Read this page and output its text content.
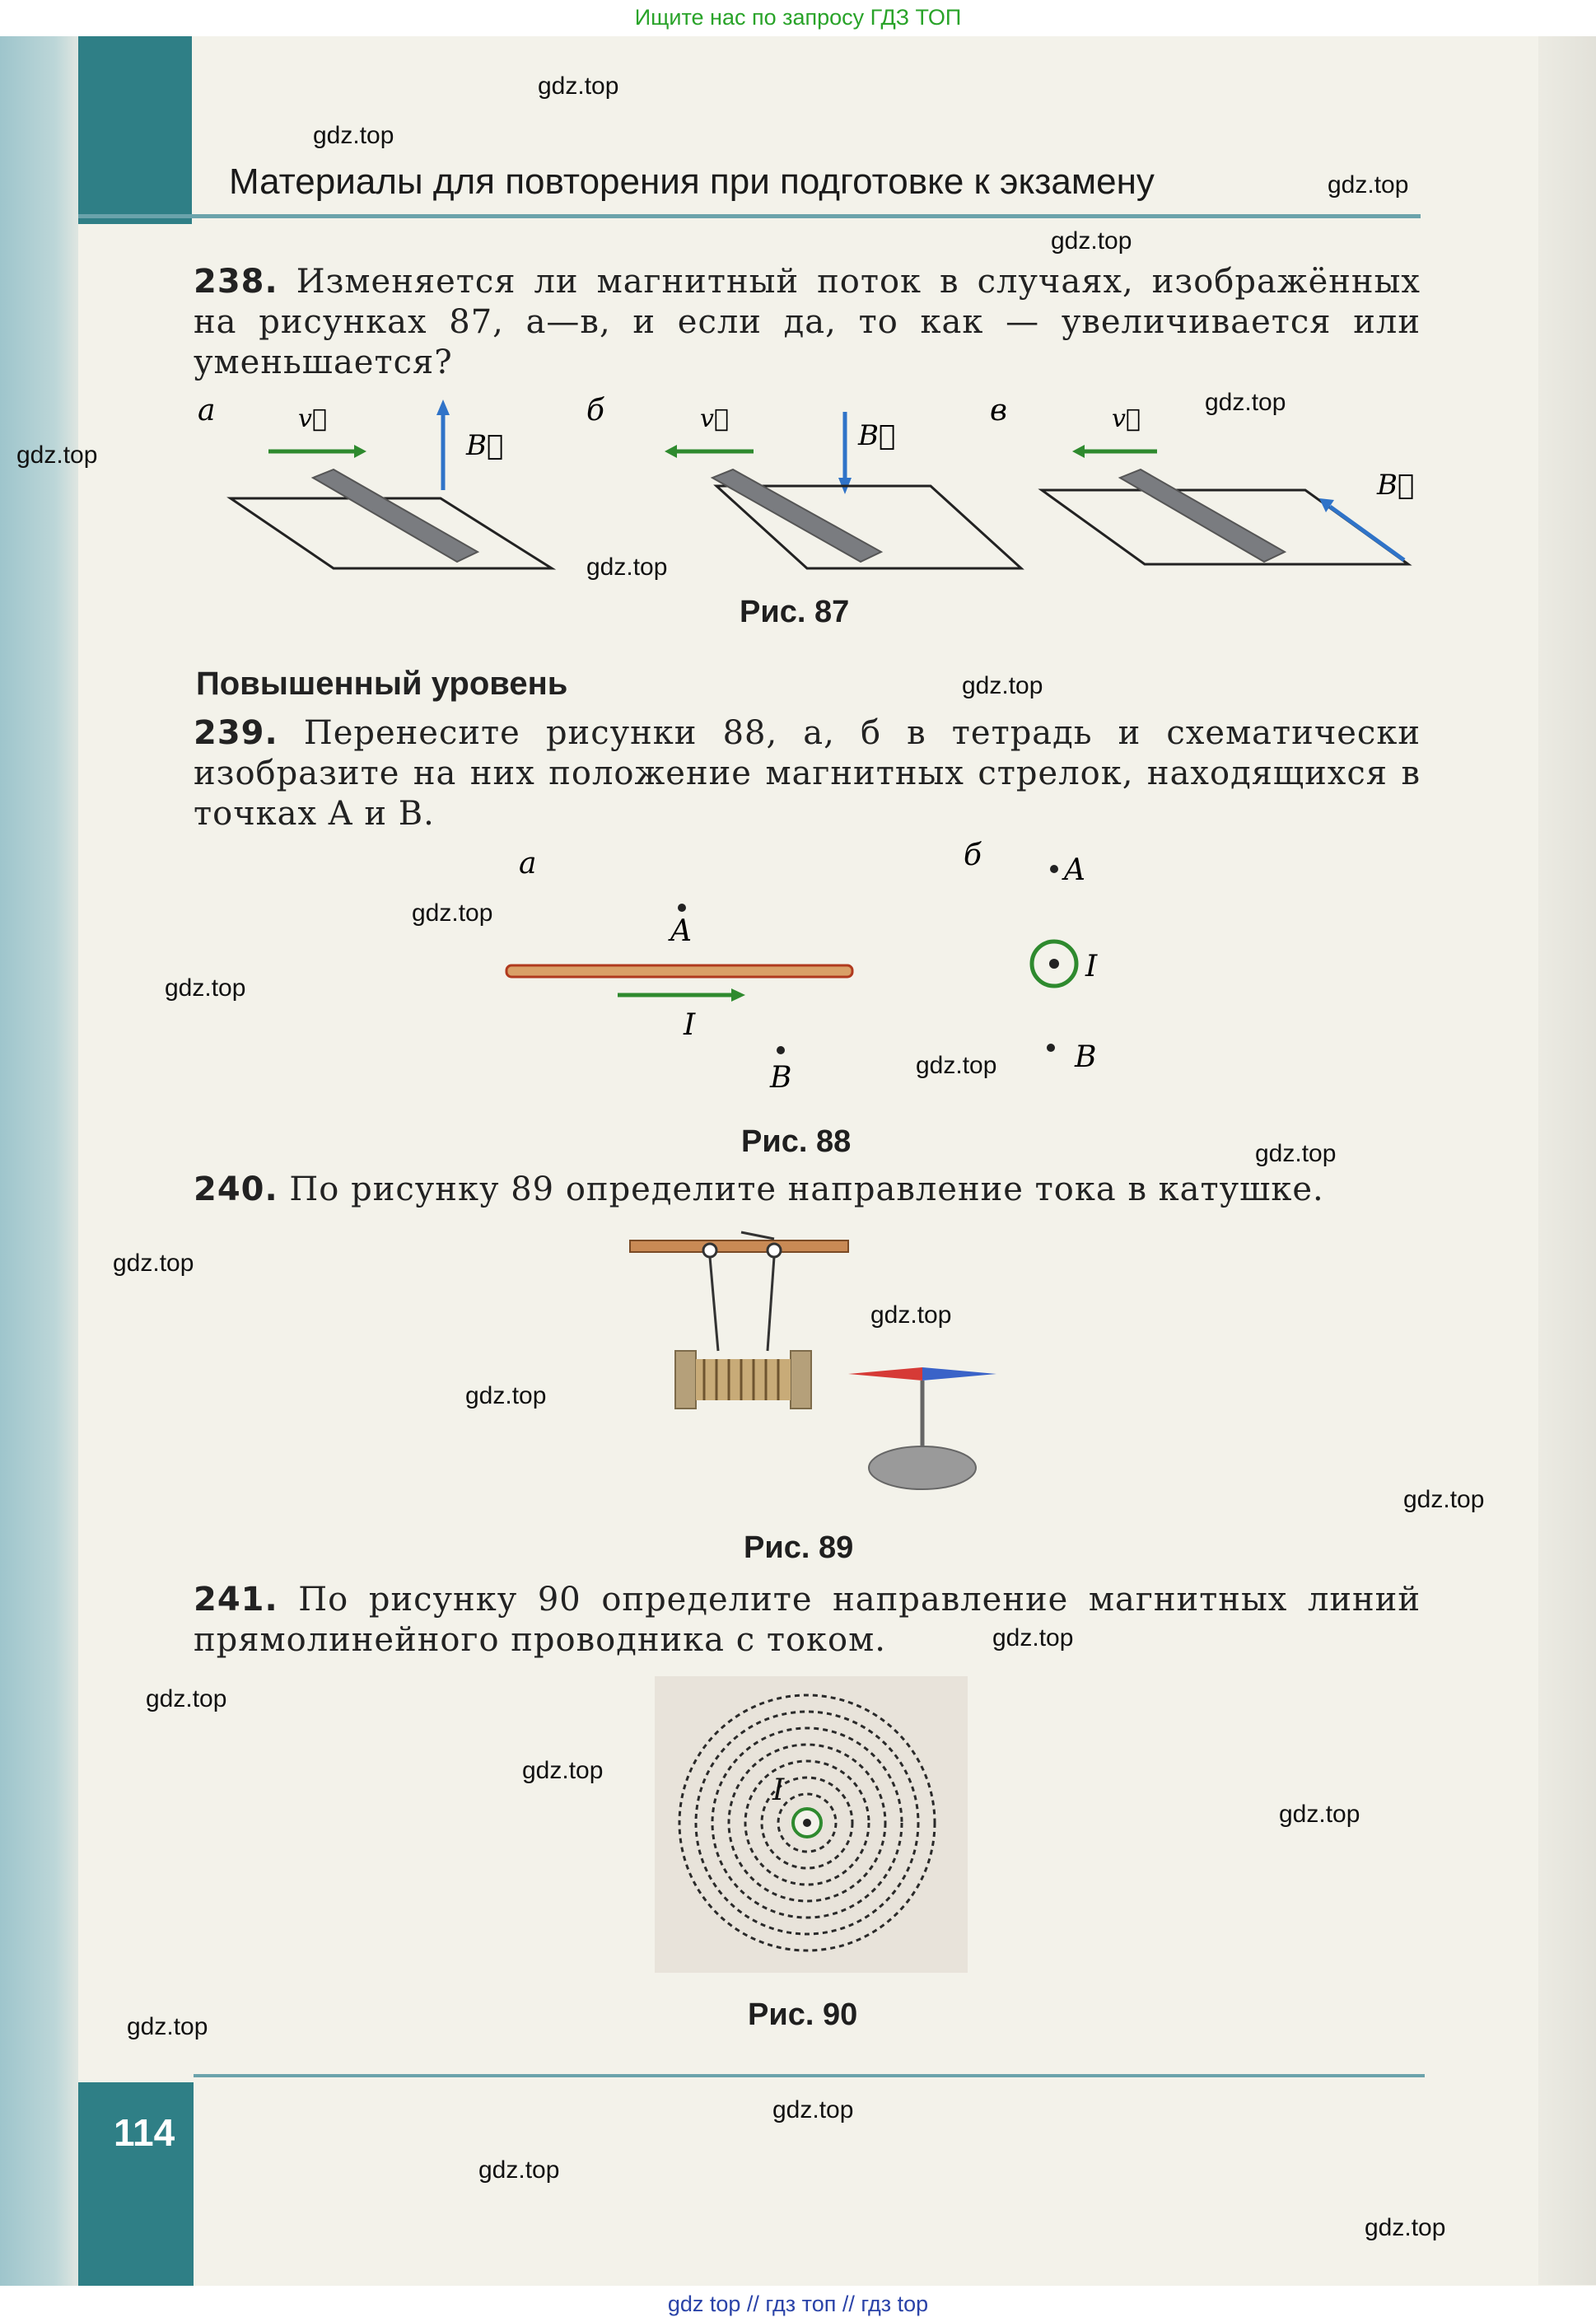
Ищите нас по запросу ГДЗ ТОП
Материалы для повторения при подготовке к экзамену
238. Изменяется ли магнитный поток в случаях, изображённых на рисунках 87, а—в, и если да, то как — увеличивается или уменьшается?
а	v⃗
B⃗
б	v⃗
B⃗
в	v⃗
B⃗
Рис. 87
Повышенный уровень
239. Перенесите рисунки 88, а, б в тетрадь и схематически изобразите на них положение магнитных стрелок, находящихся в точках A и B.
а	б
A
I
B
A
I
B
Рис. 88
240. По рисунку 89 определите направление тока в катушке.
Рис. 89
241. По рисунку 90 определите направление магнитных линий прямолинейного проводника с током.
I
Рис. 90
114
gdz.top
gdz.top
gdz.top
gdz.top
gdz.top
gdz.top
gdz.top
gdz.top
gdz.top
gdz.top
gdz.top
gdz.top
gdz.top
gdz.top
gdz.top
gdz.top
gdz.top
gdz.top
gdz.top
gdz.top
gdz.top
gdz.top
gdz.top
gdz.top
gdz top // гдз топ // гдз top
